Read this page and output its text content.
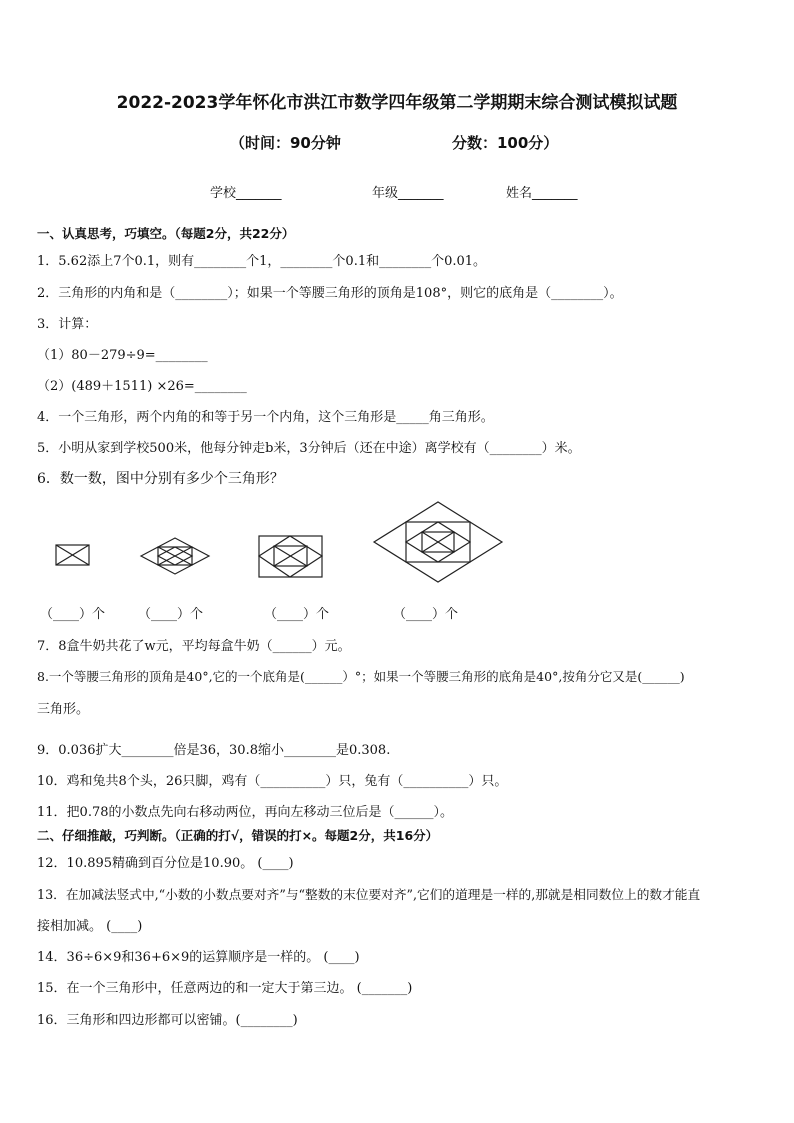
2022-2023学年怀化市洪江市数学四年级第二学期期末综合测试模拟试题
（时间：90分钟	分数：100分）
学校_______	年级_______	姓名_______
一、认真思考，巧填空。（每题2分，共22分）
1．5.62添上7个0.1，则有________个1，________个0.1和________个0.01。
2．三角形的内角和是（________）；如果一个等腰三角形的顶角是108°，则它的底角是（________）。
3．计算：
（1）80－279÷9=________
（2）(489＋1511) ×26=________
4．一个三角形，两个内角的和等于另一个内角，这个三角形是_____角三角形。
5．小明从家到学校500米，他每分钟走b米，3分钟后（还在中途）离学校有（________）米。
6．数一数，图中分别有多少个三角形？
（____）个	（____）个	（____）个	（____）个
7．8盒牛奶共花了w元，平均每盒牛奶（______）元。
8.一个等腰三角形的顶角是40°,它的一个底角是(______）°；如果一个等腰三角形的底角是40°,按角分它又是(______)
三角形。
9．0.036扩大________倍是36，30.8缩小________是0.308.
10．鸡和兔共8个头，26只脚，鸡有（__________）只，兔有（__________）只。
11．把0.78的小数点先向右移动两位，再向左移动三位后是（______）。
二、仔细推敲，巧判断。（正确的打√，错误的打×。每题2分，共16分）
12．10.895精确到百分位是10.90。 (____)
13．在加减法竖式中,“小数的小数点要对齐”与“整数的末位要对齐”,它们的道理是一样的,那就是相同数位上的数才能直
接相加减。 (____)
14．36÷6×9和36+6×9的运算顺序是一样的。 (____)
15．在一个三角形中，任意两边的和一定大于第三边。 (_______)
16．三角形和四边形都可以密铺。(________)
